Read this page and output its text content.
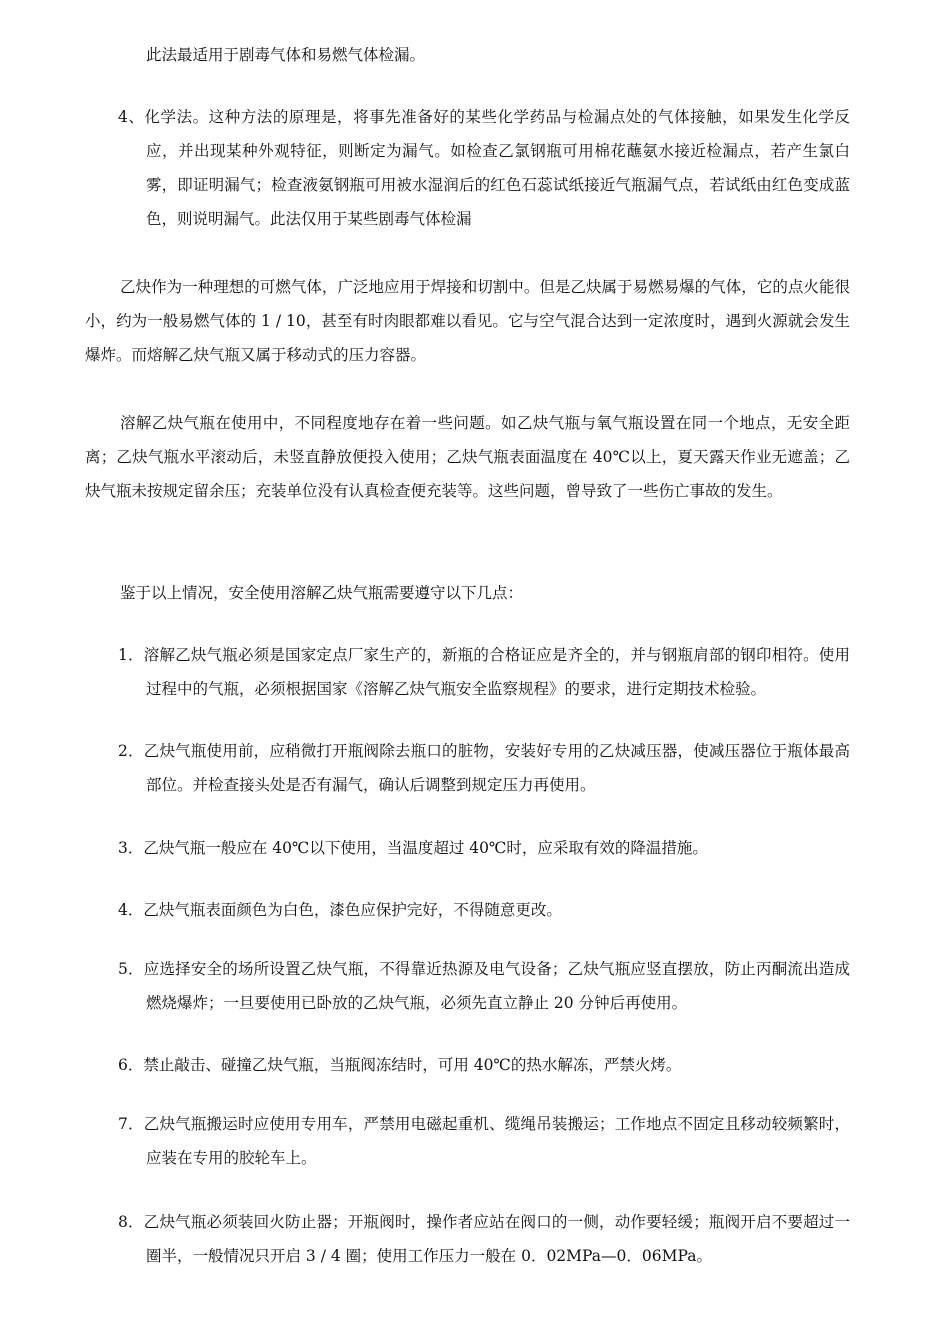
此法最适用于剧毒气体和易燃气体检漏。
4、化学法。这种方法的原理是，将事先准备好的某些化学药品与检漏点处的气体接触，如果发生化学反应，并出现某种外观特征，则断定为漏气。如检查乙氯钢瓶可用棉花蘸氨水接近检漏点，若产生氯白雾，即证明漏气；检查液氨钢瓶可用被水湿润后的红色石蕊试纸接近气瓶漏气点，若试纸由红色变成蓝色，则说明漏气。此法仅用于某些剧毒气体检漏
乙炔作为一种理想的可燃气体，广泛地应用于焊接和切割中。但是乙炔属于易燃易爆的气体，它的点火能很小，约为一般易燃气体的 1 / 10，甚至有时肉眼都难以看见。它与空气混合达到一定浓度时，遇到火源就会发生爆炸。而熔解乙炔气瓶又属于移动式的压力容器。
溶解乙炔气瓶在使用中，不同程度地存在着一些问题。如乙炔气瓶与氧气瓶设置在同一个地点，无安全距离；乙炔气瓶水平滚动后，未竖直静放便投入使用；乙炔气瓶表面温度在 40℃以上，夏天露天作业无遮盖；乙炔气瓶未按规定留余压；充装单位没有认真检查便充装等。这些问题，曾导致了一些伤亡事故的发生。
鉴于以上情况，安全使用溶解乙炔气瓶需要遵守以下几点：
1．溶解乙炔气瓶必须是国家定点厂家生产的，新瓶的合格证应是齐全的，并与钢瓶肩部的钢印相符。使用过程中的气瓶，必须根据国家《溶解乙炔气瓶安全监察规程》的要求，进行定期技术检验。
2．乙炔气瓶使用前，应稍微打开瓶阀除去瓶口的脏物，安装好专用的乙炔减压器，使减压器位于瓶体最高部位。并检查接头处是否有漏气，确认后调整到规定压力再使用。
3．乙炔气瓶一般应在 40℃以下使用，当温度超过 40℃时，应采取有效的降温措施。
4．乙炔气瓶表面颜色为白色，漆色应保护完好，不得随意更改。
5．应选择安全的场所设置乙炔气瓶，不得靠近热源及电气设备；乙炔气瓶应竖直摆放，防止丙酮流出造成燃烧爆炸；一旦要使用已卧放的乙炔气瓶，必须先直立静止 20 分钟后再使用。
6．禁止敲击、碰撞乙炔气瓶，当瓶阀冻结时，可用 40℃的热水解冻，严禁火烤。
7．乙炔气瓶搬运时应使用专用车，严禁用电磁起重机、缆绳吊装搬运；工作地点不固定且移动较频繁时，应装在专用的胶轮车上。
8．乙炔气瓶必须装回火防止器；开瓶阀时，操作者应站在阀口的一侧，动作要轻缓；瓶阀开启不要超过一圈半，一般情况只开启 3 / 4 圈；使用工作压力一般在 0．02MPa—0．06MPa。
